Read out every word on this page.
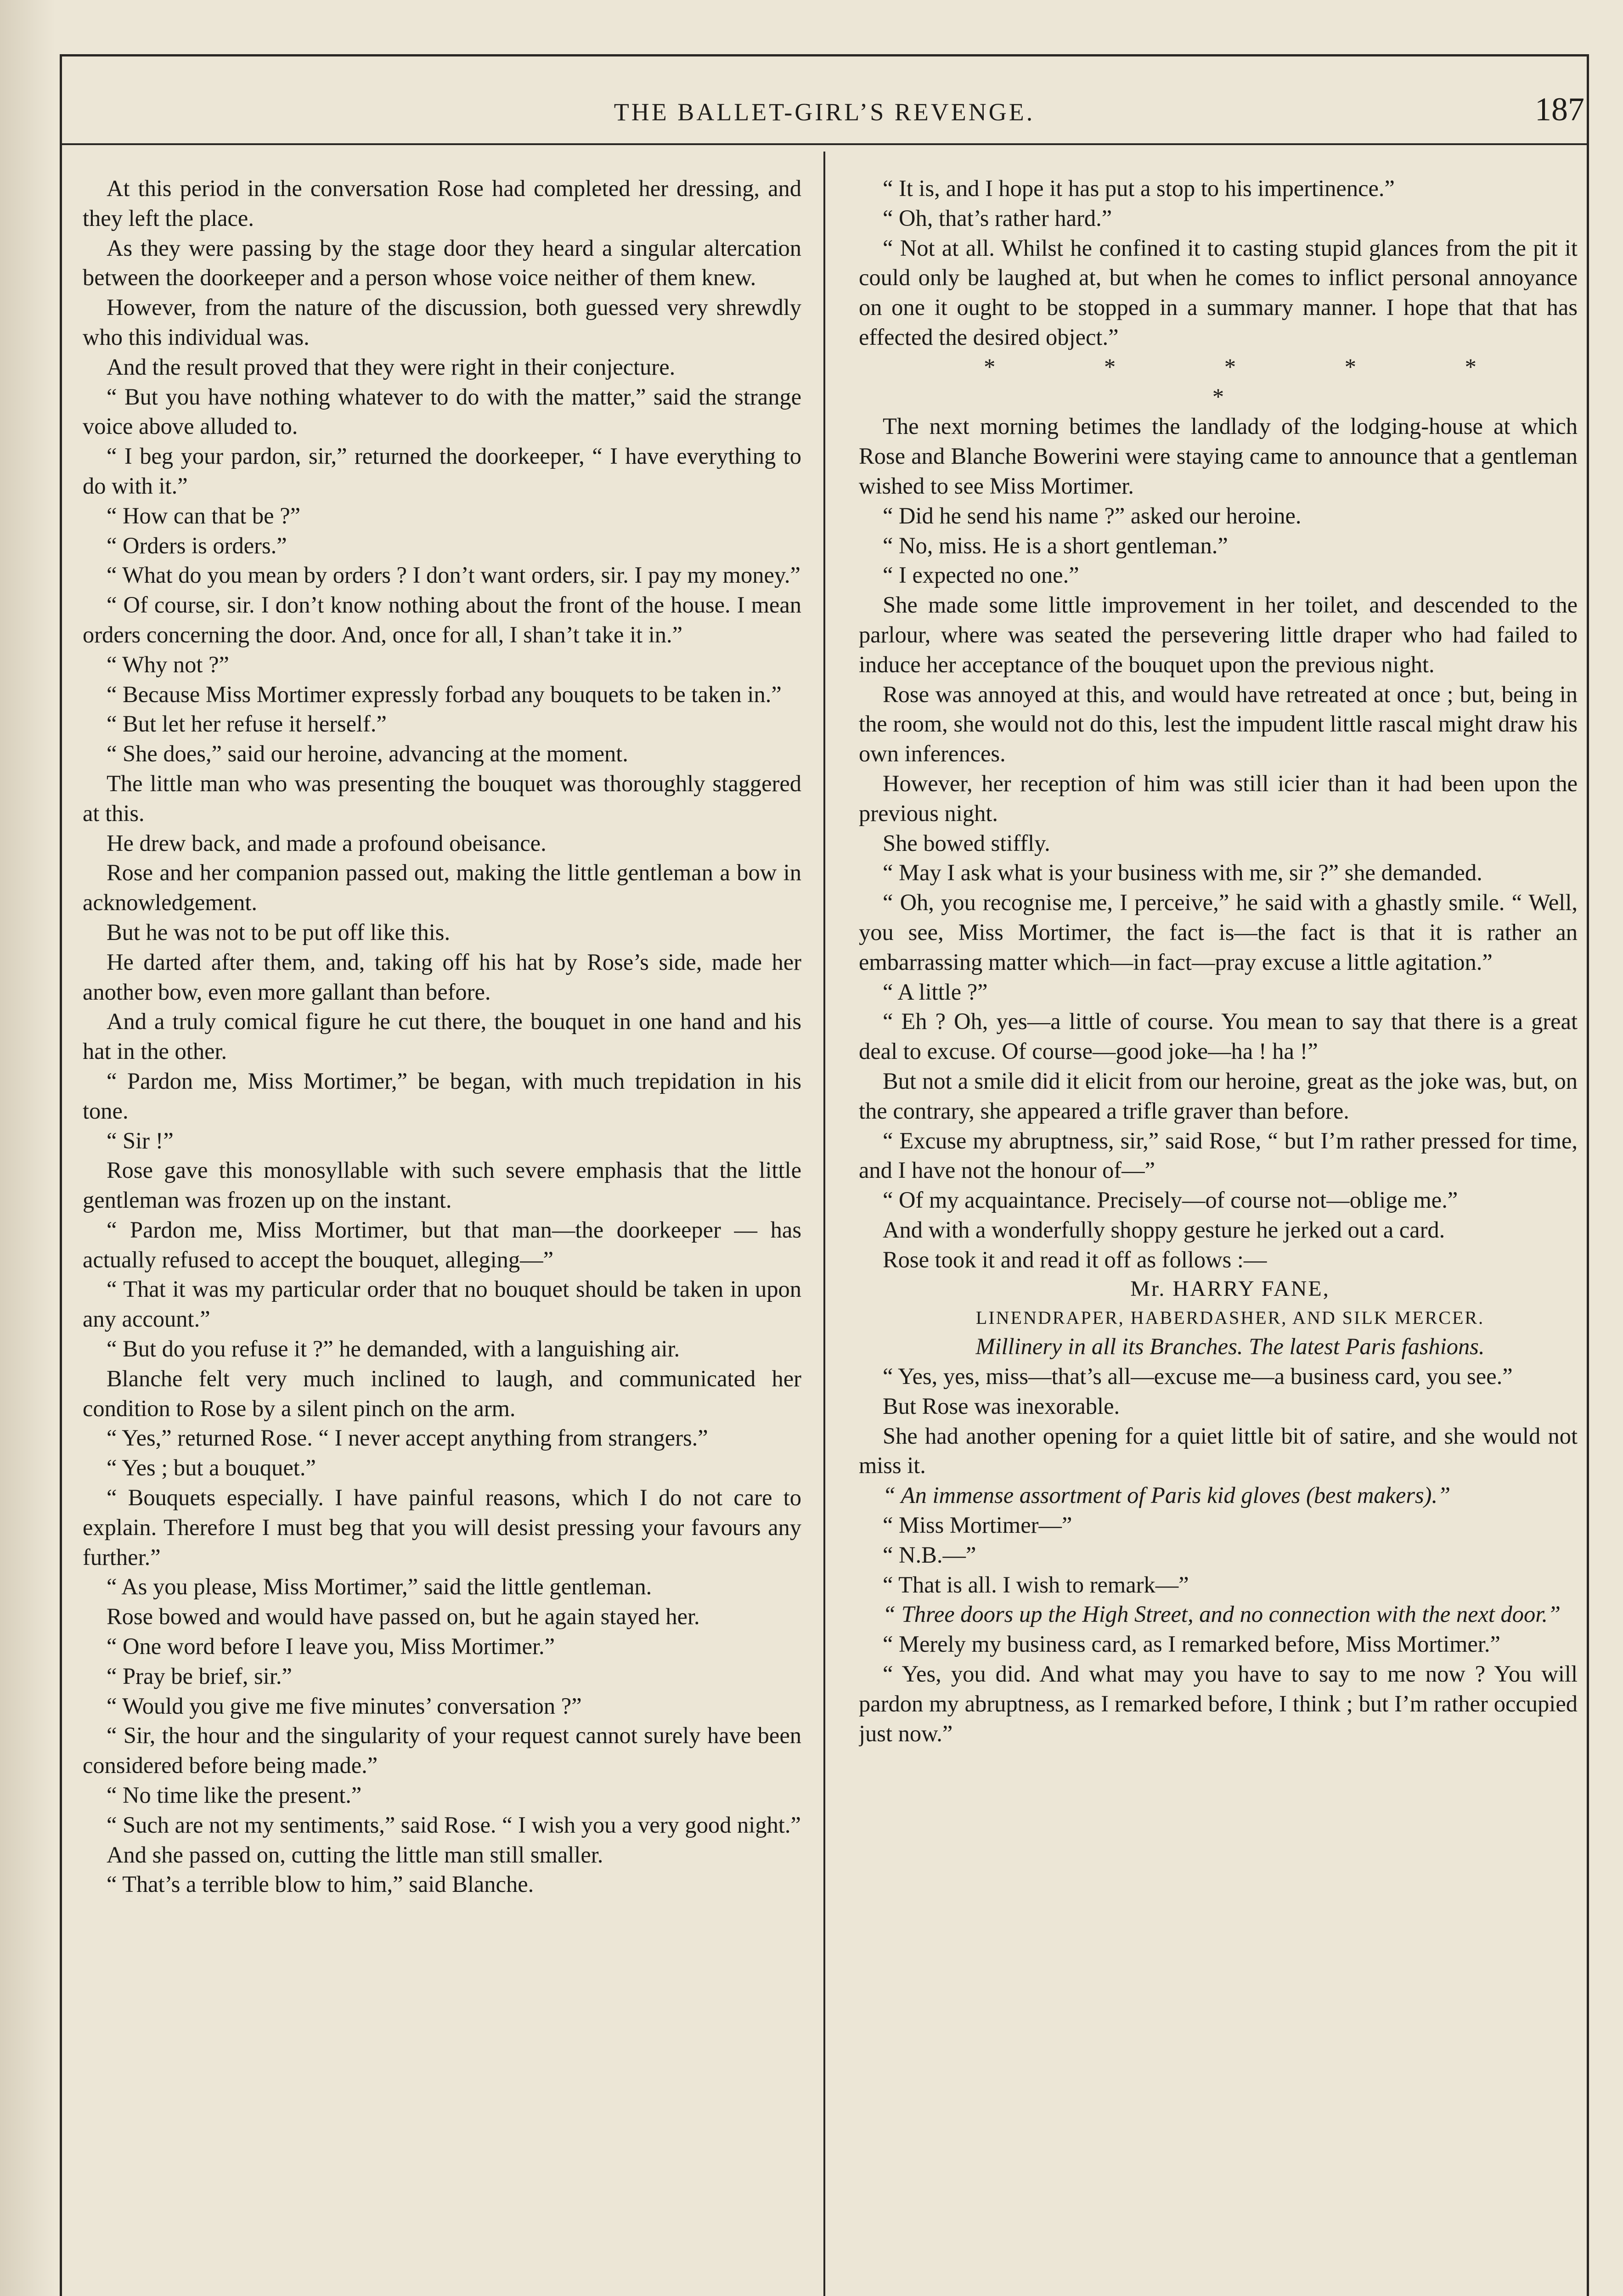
THE BALLET-GIRL’S REVENGE.	187

At this period in the conversation Rose had completed her dressing, and they left the place.

As they were passing by the stage door they heard a singular altercation between the doorkeeper and a person whose voice neither of them knew.

However, from the nature of the discussion, both guessed very shrewdly who this individual was.

And the result proved that they were right in their conjecture.

“ But you have nothing whatever to do with the matter,” said the strange voice above alluded to.

“ I beg your pardon, sir,” returned the doorkeeper, “ I have everything to do with it.”

“ How can that be ?”

“ Orders is orders.”

“ What do you mean by orders ? I don’t want orders, sir. I pay my money.”

“ Of course, sir. I don’t know nothing about the front of the house. I mean orders concerning the door. And, once for all, I shan’t take it in.”

“ Why not ?”

“ Because Miss Mortimer expressly forbad any bouquets to be taken in.”

“ But let her refuse it herself.”

“ She does,” said our heroine, advancing at the moment.

The little man who was presenting the bouquet was thoroughly staggered at this.

He drew back, and made a profound obeisance.

Rose and her companion passed out, making the little gentleman a bow in acknowledgement.

But he was not to be put off like this.

He darted after them, and, taking off his hat by Rose’s side, made her another bow, even more gallant than before.

And a truly comical figure he cut there, the bouquet in one hand and his hat in the other.

“ Pardon me, Miss Mortimer,” be began, with much trepidation in his tone.

“ Sir !”

Rose gave this monosyllable with such severe emphasis that the little gentleman was frozen up on the instant.

“ Pardon me, Miss Mortimer, but that man—the doorkeeper — has actually refused to accept the bouquet, alleging—”

“ That it was my particular order that no bouquet should be taken in upon any account.”

“ But do you refuse it ?” he demanded, with a languishing air.

Blanche felt very much inclined to laugh, and communicated her condition to Rose by a silent pinch on the arm.

“ Yes,” returned Rose. “ I never accept anything from strangers.”

“ Yes ; but a bouquet.”

“ Bouquets especially. I have painful reasons, which I do not care to explain. Therefore I must beg that you will desist pressing your favours any further.”

“ As you please, Miss Mortimer,” said the little gentleman.

Rose bowed and would have passed on, but he again stayed her.

“ One word before I leave you, Miss Mortimer.”

“ Pray be brief, sir.”

“ Would you give me five minutes’ conversation ?”

“ Sir, the hour and the singularity of your request cannot surely have been considered before being made.”

“ No time like the present.”

“ Such are not my sentiments,” said Rose. “ I wish you a very good night.”

And she passed on, cutting the little man still smaller.

“ That’s a terrible blow to him,” said Blanche.

“ It is, and I hope it has put a stop to his impertinence.”

“ Oh, that’s rather hard.”

“ Not at all. Whilst he confined it to casting stupid glances from the pit it could only be laughed at, but when he comes to inflict personal annoyance on one it ought to be stopped in a summary manner. I hope that that has effected the desired object.”

* * * * * *

The next morning betimes the landlady of the lodging-house at which Rose and Blanche Bowerini were staying came to announce that a gentleman wished to see Miss Mortimer.

“ Did he send his name ?” asked our heroine.

“ No, miss. He is a short gentleman.”

“ I expected no one.”

She made some little improvement in her toilet, and descended to the parlour, where was seated the persevering little draper who had failed to induce her acceptance of the bouquet upon the previous night.

Rose was annoyed at this, and would have retreated at once ; but, being in the room, she would not do this, lest the impudent little rascal might draw his own inferences.

However, her reception of him was still icier than it had been upon the previous night.

She bowed stiffly.

“ May I ask what is your business with me, sir ?” she demanded.

“ Oh, you recognise me, I perceive,” he said with a ghastly smile. “ Well, you see, Miss Mortimer, the fact is—the fact is that it is rather an embarrassing matter which—in fact—pray excuse a little agitation.”

“ A little ?”

“ Eh ? Oh, yes—a little of course. You mean to say that there is a great deal to excuse. Of course—good joke—ha ! ha !”

But not a smile did it elicit from our heroine, great as the joke was, but, on the contrary, she appeared a trifle graver than before.

“ Excuse my abruptness, sir,” said Rose, “ but I’m rather pressed for time, and I have not the honour of—”

“ Of my acquaintance. Precisely—of course not—oblige me.”

And with a wonderfully shoppy gesture he jerked out a card.

Rose took it and read it off as follows :—

Mr. HARRY FANE,

LINENDRAPER, HABERDASHER, AND SILK MERCER.

Millinery in all its Branches. The latest Paris fashions.

“ Yes, yes, miss—that’s all—excuse me—a business card, you see.”

But Rose was inexorable.

She had another opening for a quiet little bit of satire, and she would not miss it.

“ An immense assortment of Paris kid gloves (best makers).”

“ Miss Mortimer—”

“ N.B.—”

“ That is all. I wish to remark—”

“ Three doors up the High Street, and no connection with the next door.”

“ Merely my business card, as I remarked before, Miss Mortimer.”

“ Yes, you did. And what may you have to say to me now ? You will pardon my abruptness, as I remarked before, I think ; but I’m rather occupied just now.”
